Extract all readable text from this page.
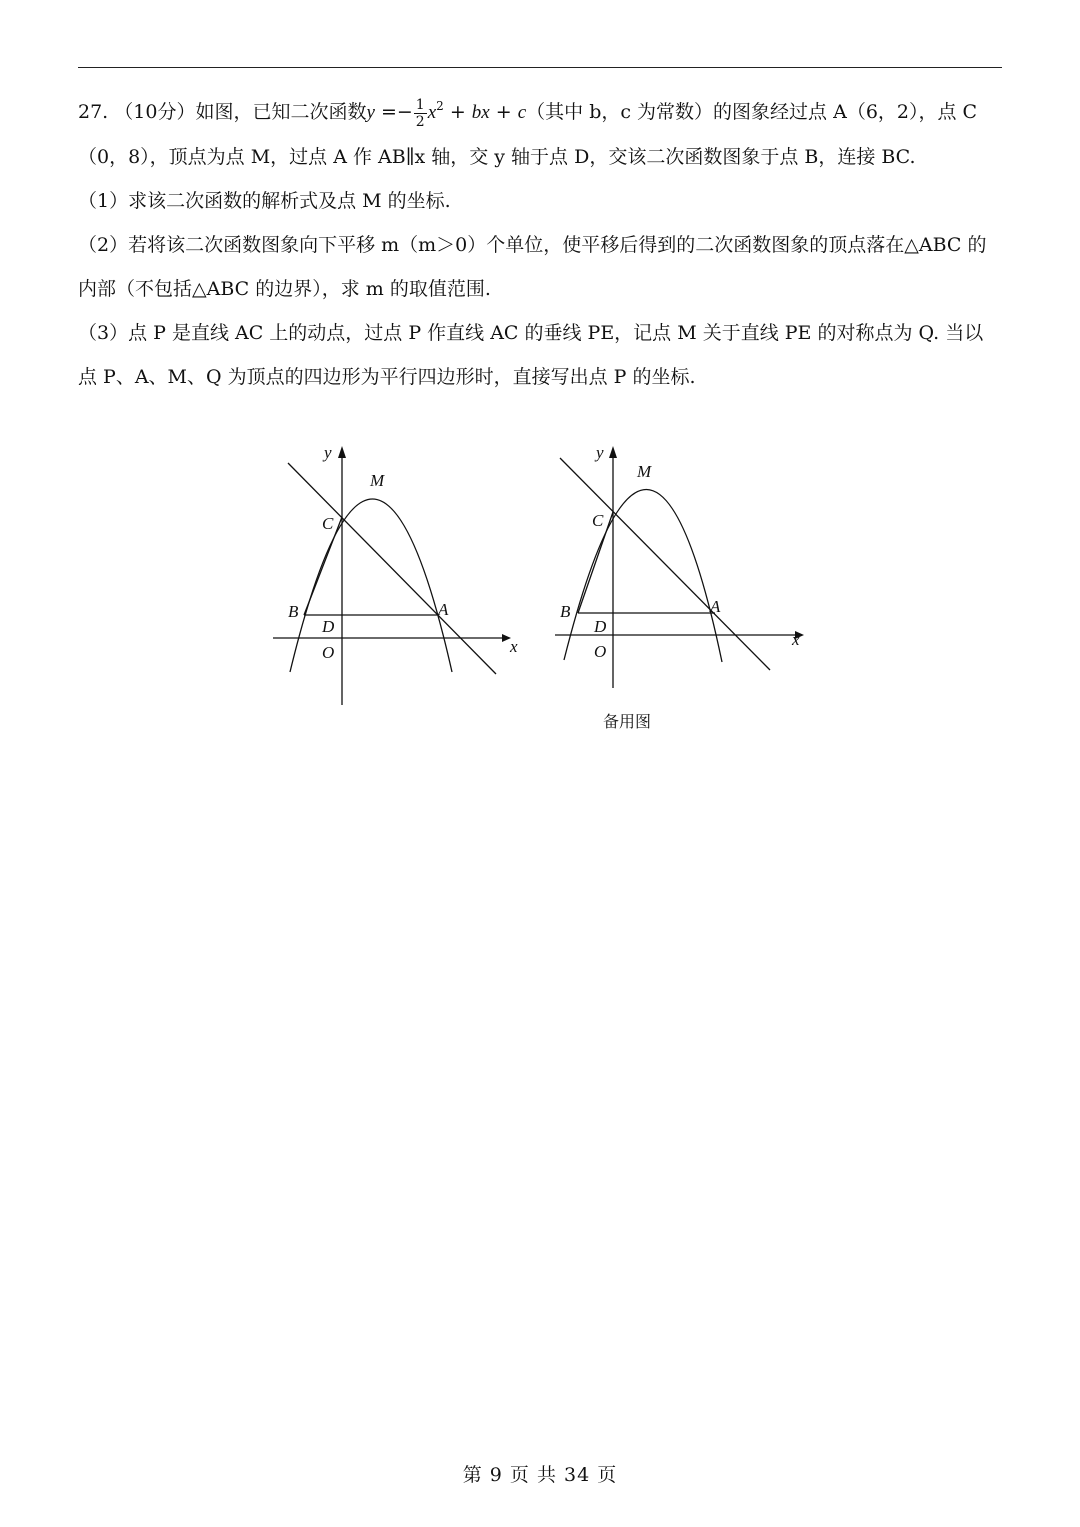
27. （10分）如图，已知二次函数$y =- \frac{1}{2} x^2$ + bx + c（其中 b，c 为常数）的图象经过点 A（6，2），点 C（0，8），顶点为点 M，过点 A 作 AB∥x 轴，交 y 轴于点 D，交该二次函数图象于点 B，连接 BC.

（1）求该二次函数的解析式及点 M 的坐标.

（2）若将该二次函数图象向下平移 m（m＞0）个单位，使平移后得到的二次函数图象的顶点落在△ABC 的内部（不包括△ABC 的边界），求 m 的取值范围.

（3）点 P 是直线 AC 上的动点，过点 P 作直线 AC 的垂线 PE，记点 M 关于直线 PE 的对称点为 Q. 当以点 P、A、M、Q 为顶点的四边形为平行四边形时，直接写出点 P 的坐标.

y
x
M
C
B	A
D
O
y
x
M
C
B	A
D
O
备用图
第 9 页 共 34 页
